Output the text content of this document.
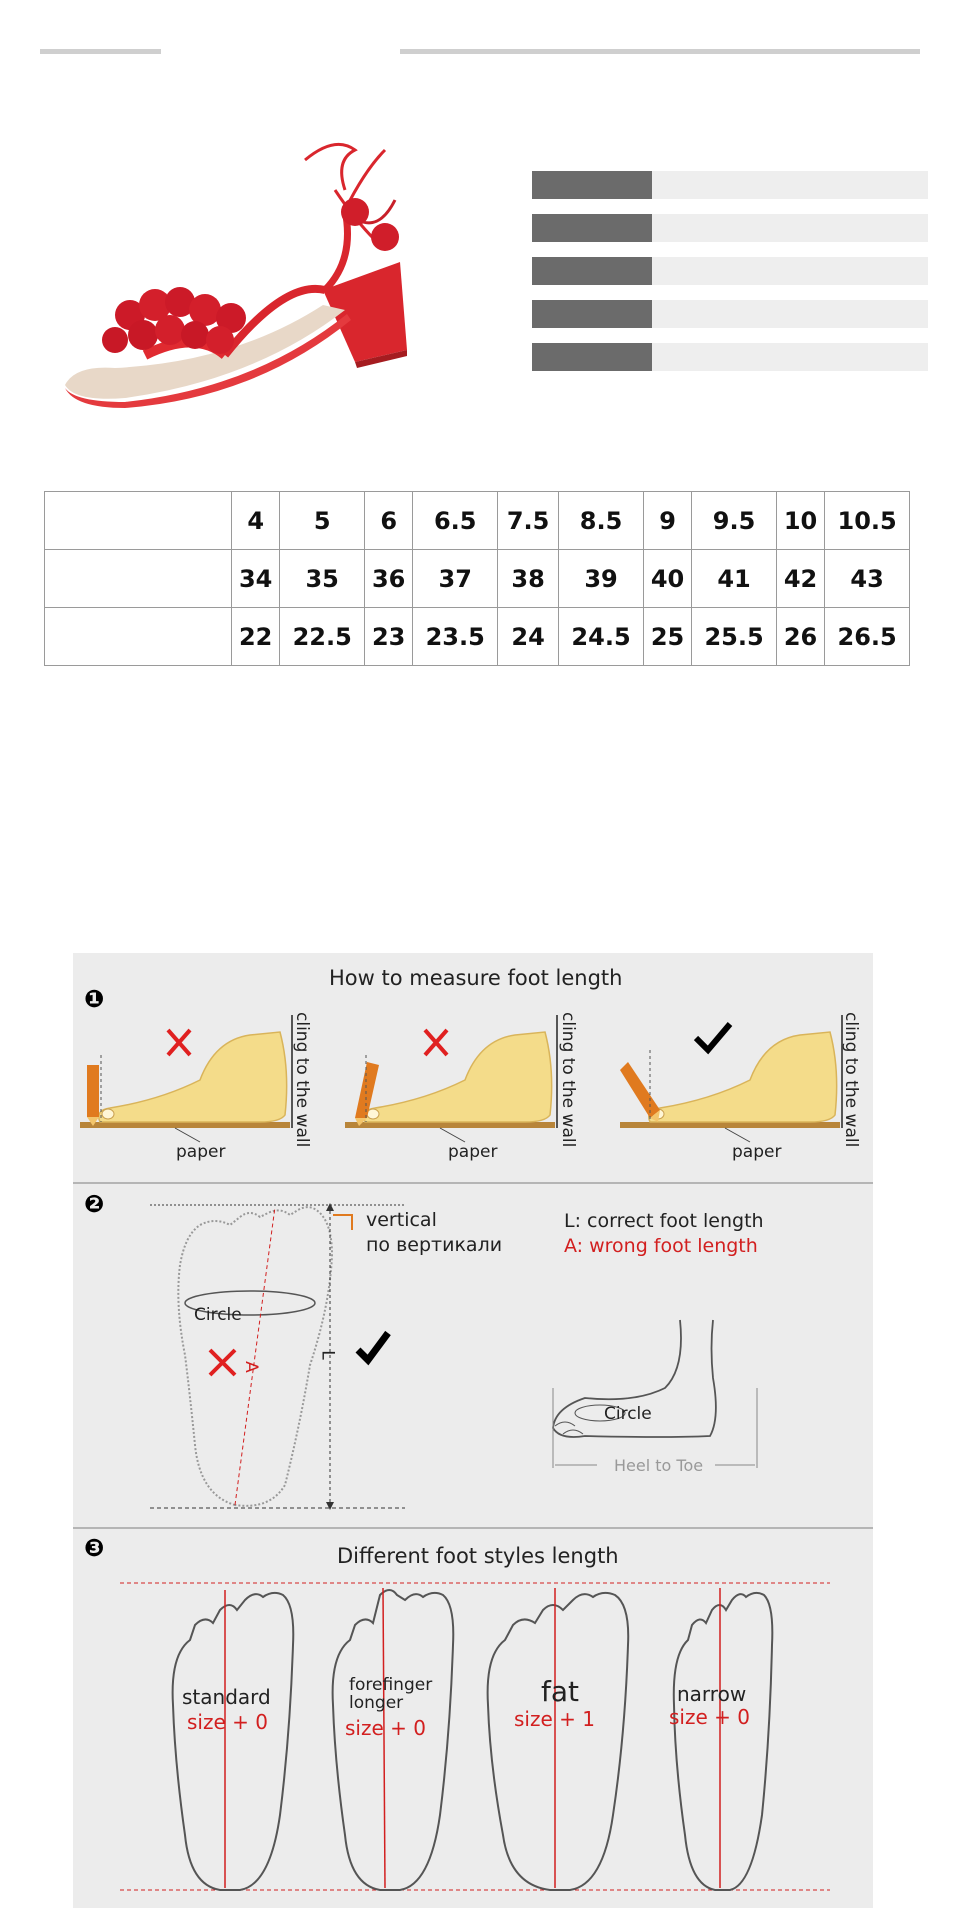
	4	5	6	6.5	7.5	8.5	9	9.5	10	10.5
	34	35	36	37	38	39	40	41	42	43
	22	22.5	23	23.5	24	24.5	25	25.5	26	26.5
❶
How to measure foot length
cling to the wall
paper
cling to the wall
paper
cling to the wall
paper
❷
Circle
A
L
vertical
по вертикали
L: correct foot length
A: wrong foot length
Circle
Heel to Toe
❸	Different foot styles length
standard
size + 0
forefinger
longer
size + 0
fat
size + 1
narrow
size + 0
